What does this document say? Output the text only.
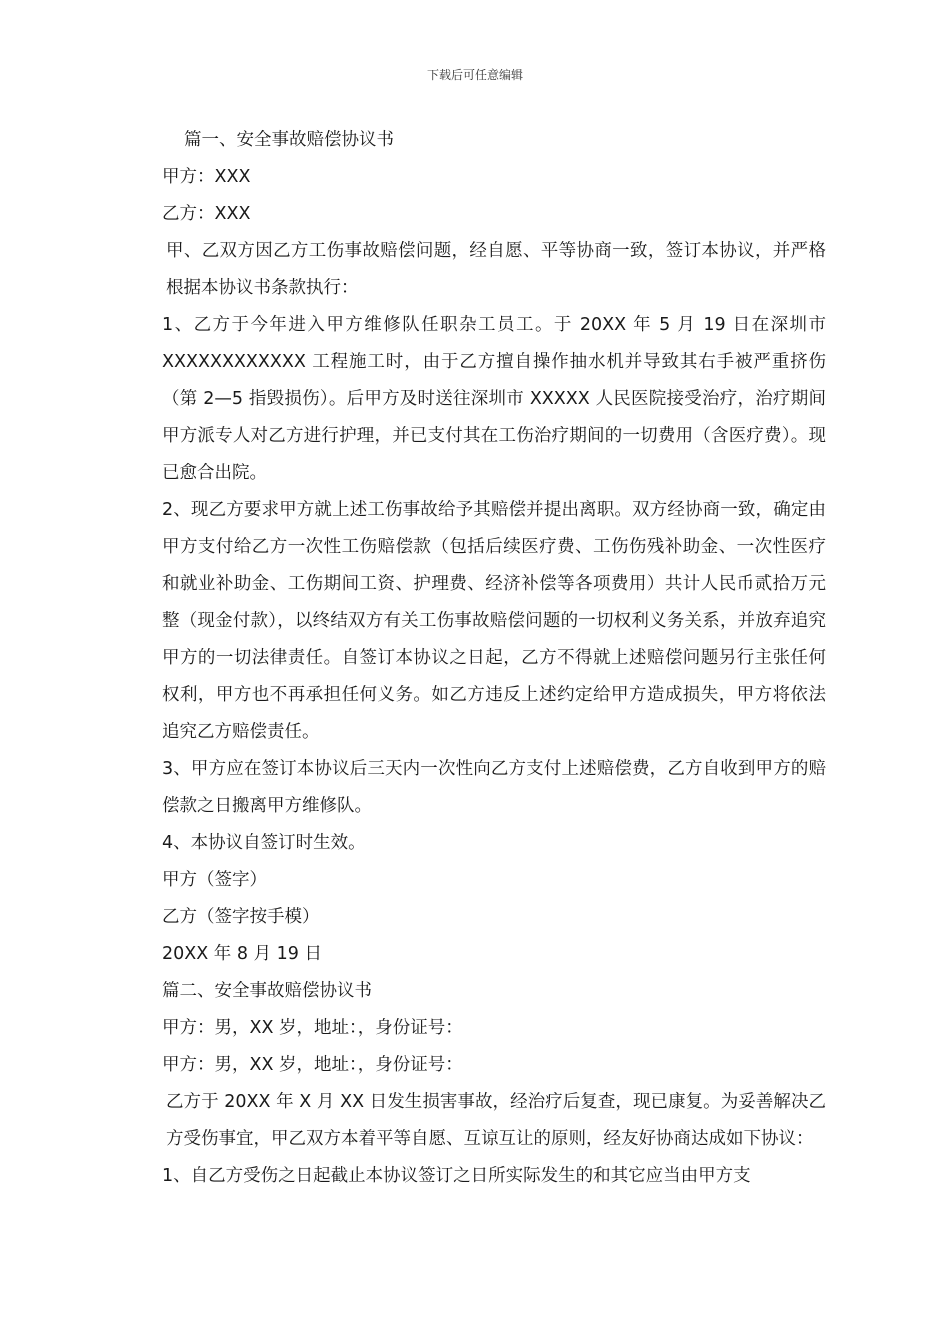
下载后可任意编辑

篇一、安全事故赔偿协议书

甲方：XXX

乙方：XXX

甲、乙双方因乙方工伤事故赔偿问题，经自愿、平等协商一致，签订本协议，并严格根据本协议书条款执行：

1、乙方于今年进入甲方维修队任职杂工员工。于 20XX 年 5 月 19 日在深圳市 XXXXXXXXXXXX 工程施工时，由于乙方擅自操作抽水机并导致其右手被严重挤伤（第 2—5 指毁损伤）。后甲方及时送往深圳市 XXXXX 人民医院接受治疗，治疗期间甲方派专人对乙方进行护理，并已支付其在工伤治疗期间的一切费用（含医疗费）。现已愈合出院。

2、现乙方要求甲方就上述工伤事故给予其赔偿并提出离职。双方经协商一致，确定由甲方支付给乙方一次性工伤赔偿款（包括后续医疗费、工伤伤残补助金、一次性医疗和就业补助金、工伤期间工资、护理费、经济补偿等各项费用）共计人民币贰拾万元整（现金付款），以终结双方有关工伤事故赔偿问题的一切权利义务关系，并放弃追究甲方的一切法律责任。自签订本协议之日起，乙方不得就上述赔偿问题另行主张任何权利，甲方也不再承担任何义务。如乙方违反上述约定给甲方造成损失，甲方将依法追究乙方赔偿责任。

3、甲方应在签订本协议后三天内一次性向乙方支付上述赔偿费，乙方自收到甲方的赔偿款之日搬离甲方维修队。

4、本协议自签订时生效。

甲方（签字）

乙方（签字按手模）

20XX 年 8 月 19 日

篇二、安全事故赔偿协议书

甲方：男，XX 岁，地址：，身份证号：

甲方：男，XX 岁，地址：，身份证号：

乙方于 20XX 年 X 月 XX 日发生损害事故，经治疗后复查，现已康复。为妥善解决乙方受伤事宜，甲乙双方本着平等自愿、互谅互让的原则，经友好协商达成如下协议：

1、自乙方受伤之日起截止本协议签订之日所实际发生的和其它应当由甲方支
